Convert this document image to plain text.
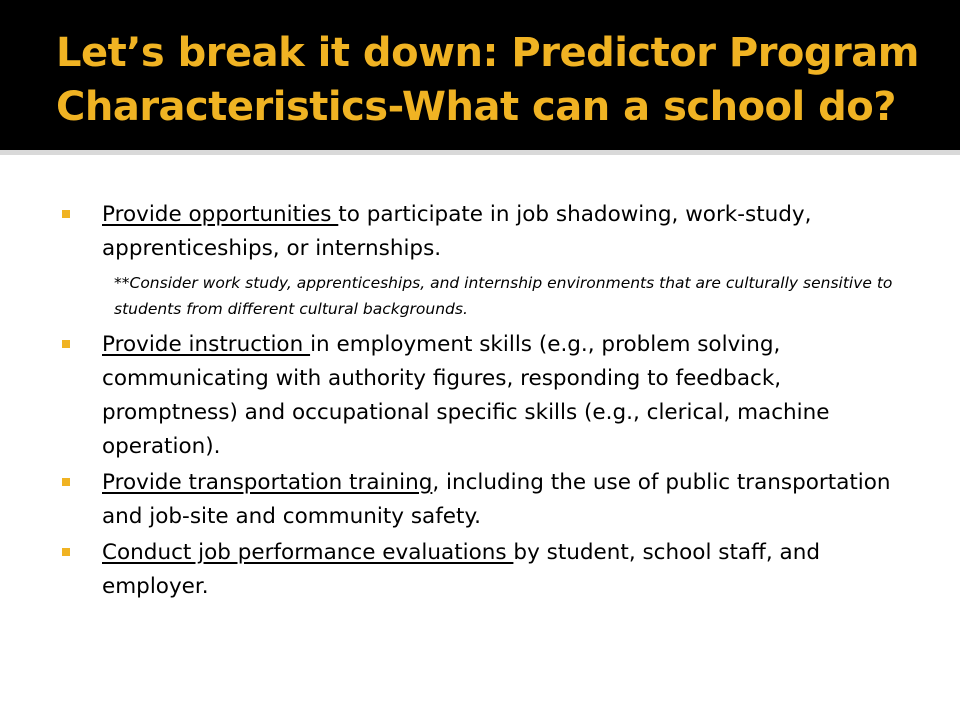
Let’s break it down: Predictor Program Characteristics-What can a school do?
Provide opportunities to participate in job shadowing, work-study, apprenticeships, or internships.
**Consider work study, apprenticeships, and internship environments that are culturally sensitive to students from different cultural backgrounds.
Provide instruction in employment skills (e.g., problem solving, communicating with authority figures, responding to feedback, promptness) and occupational specific skills (e.g., clerical, machine operation).
Provide transportation training, including the use of public transportation and job-site and community safety.
Conduct job performance evaluations by student, school staff, and employer.
